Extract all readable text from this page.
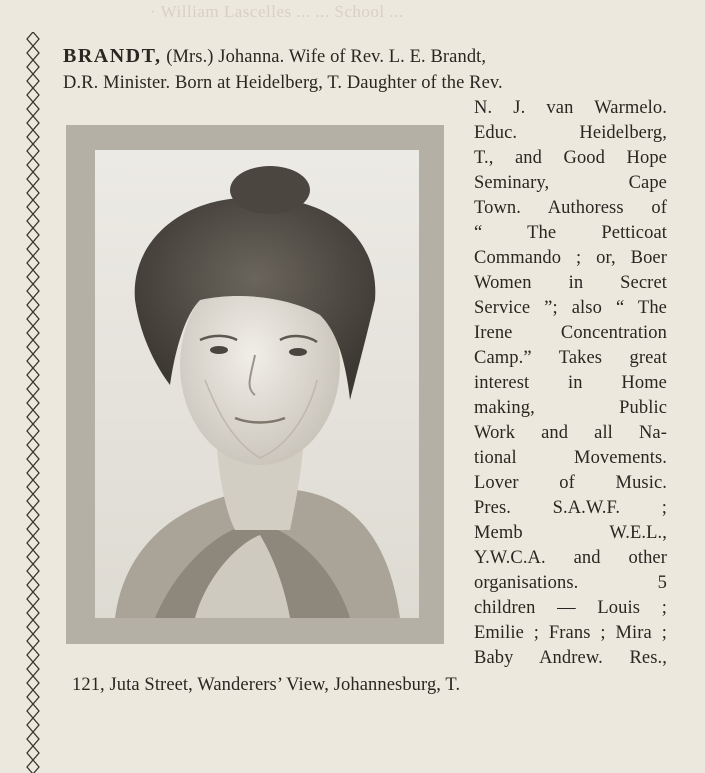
· William Lascelles ... ... School ...
BRANDT, (Mrs.) Johanna. Wife of Rev. L. E. Brandt,
D.R. Minister. Born at Heidelberg, T. Daughter of the Rev.
N. J. van Warmelo.
Educ. Heidelberg,
T., and Good Hope
Seminary, Cape
Town. Authoress of
“ The Petticoat
Commando ; or, Boer
Women in Secret
Service ”; also “ The
Irene Concentration
Camp.” Takes great
interest in Home
making, Public
Work and all Na-
tional Movements.
Lover of Music.
Pres. S.A.W.F. ;
Memb W.E.L.,
Y.W.C.A. and other
organisations. 5
children — Louis ;
Emilie ; Frans ; Mira ;
Baby Andrew. Res.,
121, Juta Street, Wanderers’ View, Johannesburg, T.
